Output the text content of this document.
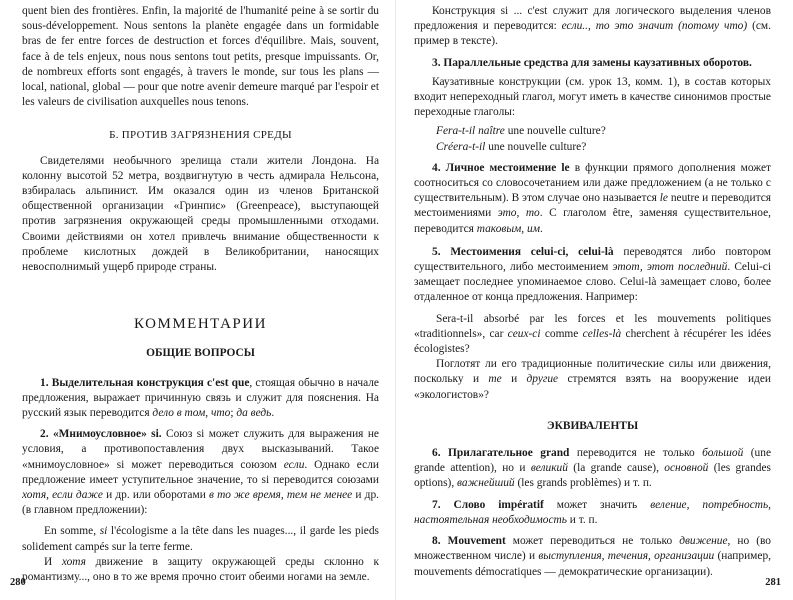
quent bien des frontières. Enfin, la majorité de l'humanité peine à se sortir du sous-développement. Nous sentons la planète engagée dans un formidable bras de fer entre forces de destruction et forces d'équilibre. Mais, souvent, face à de tels enjeux, nous nous sentons tout petits, presque impuissants. Or, de nombreux efforts sont engagés, à travers le monde, sur tous les plans — local, national, global — pour que notre avenir demeure marqué par l'espoir et les valeurs de civilisation auxquelles nous tenons.

Б. ПРОТИВ ЗАГРЯЗНЕНИЯ СРЕДЫ

Свидетелями необычного зрелища стали жители Лондона. На колонну высотой 52 метра, воздвигнутую в честь адмирала Нельсона, взбиралась альпинист. Им оказался один из членов Британской общественной организации «Гринпис» (Greenpeace), выступающей против загрязнения окружающей среды промышленными отходами. Своими действиями он хотел привлечь внимание общественности к проблеме кислотных дождей в Великобритании, наносящих невосполнимый ущерб природе страны.

КОММЕНТАРИИ

ОБЩИЕ ВОПРОСЫ

1. Выделительная конструкция c'est que, стоящая обычно в начале предложения, выражает причинную связь и служит для пояснения. На русский язык переводится дело в том, что; да ведь.

2. «Мнимоусловное» si. Союз si может служить для выражения не условия, а противопоставления двух высказываний. Такое «мнимоусловное» si может переводиться союзом если. Однако если предложение имеет уступительное значение, то si переводится союзами хотя, если даже и др. или оборотами в то же время, тем не менее и др. (в главном предложении):

En somme, si l'écologisme a la tête dans les nuages..., il garde les pieds solidement campés sur la terre ferme.

И хотя движение в защиту окружающей среды склонно к романтизму..., оно в то же время прочно стоит обеими ногами на земле.

280

Конструкция si ... c'est служит для логического выделения членов предложения и переводится: если.., то это значит (потому что) (см. пример в тексте).

3. Параллельные средства для замены каузативных оборотов.

Каузативные конструкции (см. урок 13, комм. 1), в состав которых входит непереходный глагол, могут иметь в качестве синонимов простые переходные глаголы:

Fera-t-il naître une nouvelle culture?

Créera-t-il une nouvelle culture?

4. Личное местоимение le в функции прямого дополнения может соотноситься со словосочетанием или даже предложением (а не только с существительным). В этом случае оно называется le neutre и переводится местоимениями это, то. С глаголом être, заменяя существительное, переводится таковым, им.

5. Местоимения celui-ci, celui-là переводятся либо повтором существительного, либо местоимением этот, этот последний. Celui-ci замещает последнее упоминаемое слово. Celui-là замещает слово, более отдаленное от конца предложения. Например:

Sera-t-il absorbé par les forces et les mouvements politiques «traditionnels», car ceux-ci comme celles-là cherchent à récupérer les idées écologistes?

Поглотят ли его традиционные политические силы или движения, поскольку и те и другие стремятся взять на вооружение идеи «экологистов»?

ЭКВИВАЛЕНТЫ

6. Прилагательное grand переводится не только большой (une grande attention), но и великий (la grande cause), основной (les grandes options), важнейший (les grands problèmes) и т. п.

7. Слово impératif может значить веление, потребность, настоятельная необходимость и т. п.

8. Mouvement может переводиться не только движение, но (во множественном числе) и выступления, течения, организации (например, mouvements démocratiques — демократические организации).

281
